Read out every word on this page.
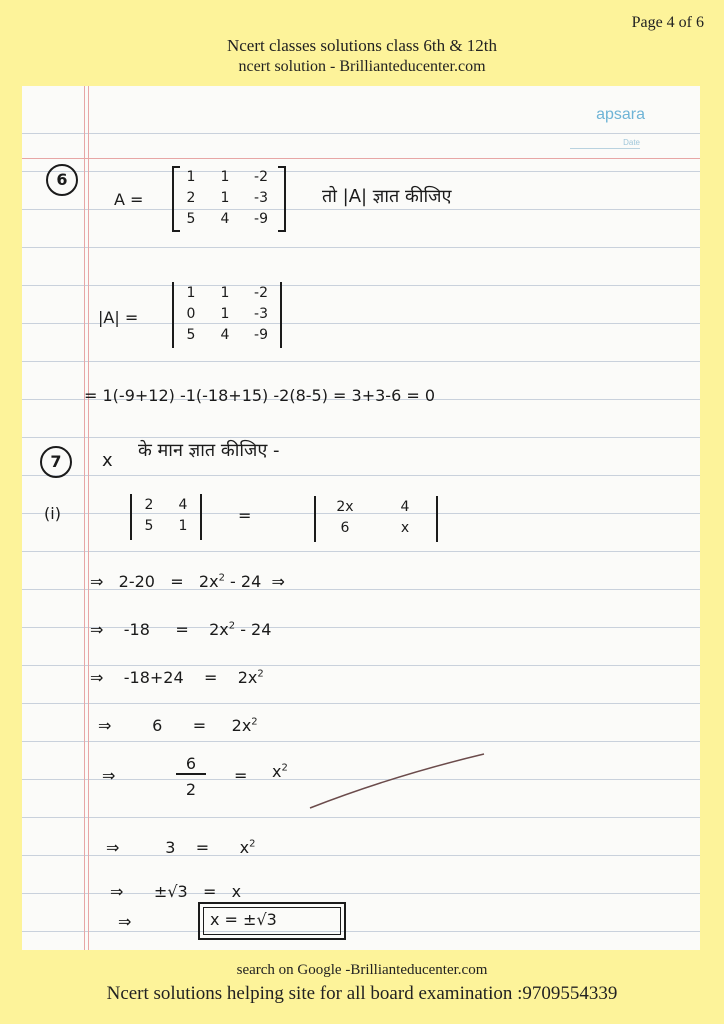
Page 4 of 6
Ncert classes solutions class 6th & 12th
ncert solution - Brillianteducenter.com
apsara
Date
6
A =
1	1	-2
2	1	-3
5	4	-9
तो |A| ज्ञात कीजिए
|A| =
1	1	-2
0	1	-3
5	4	-9
= 1(-9+12) -1(-18+15) -2(8-5) = 3+3-6 = 0
7	x के मान ज्ञात कीजिए -
(i)	2	4
5	1
=	2x	4
6	x
⇒ $2-20 = 2x^2 - 24$ ⇒
⇒ $-18 = 2x^2 - 24$
⇒ $-18+24 = 2x^2$
⇒	$6 = 2x^2$
⇒
6
2
= $x^2$
⇒	$3 = x^2$
⇒ ±√3 = x
⇒	x = ±√3
search on Google -Brillianteducenter.com
Ncert solutions helping site for all board examination :9709554339
